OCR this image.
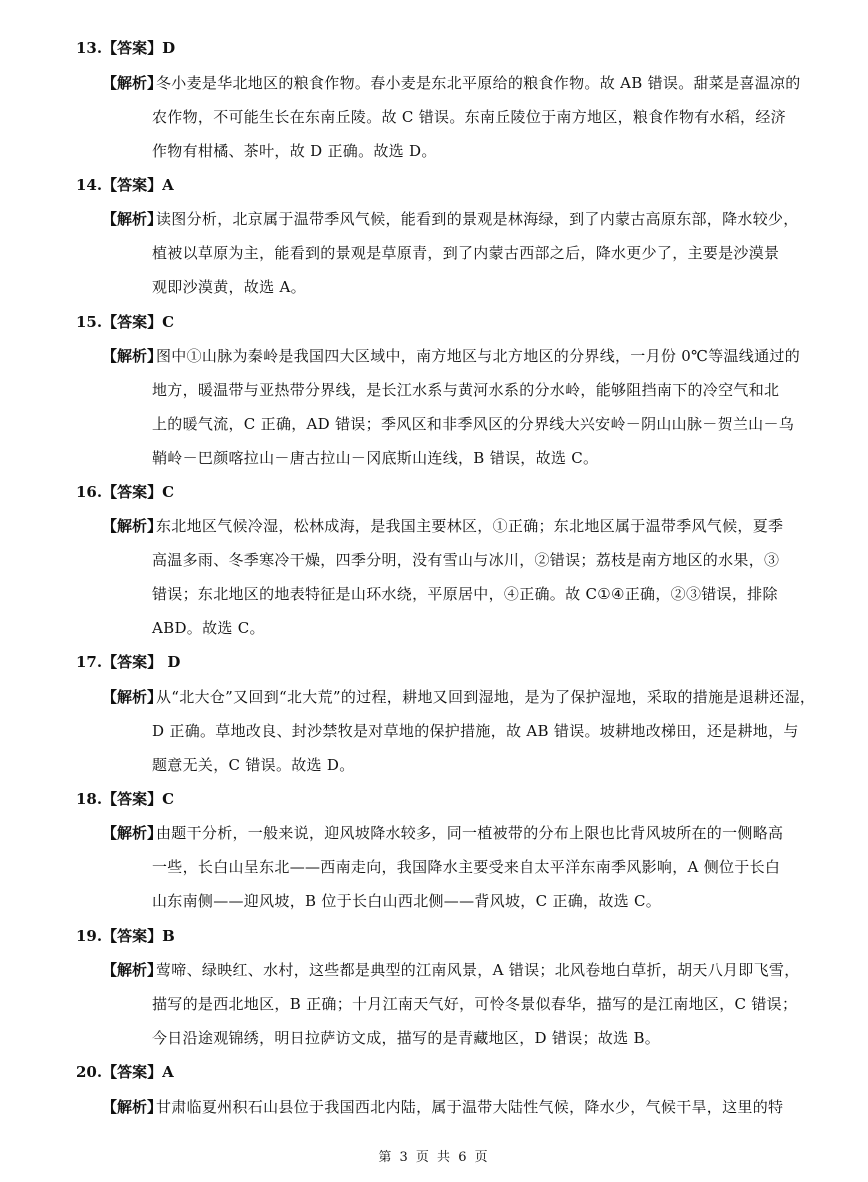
13.【答案】D
【解析】
冬小麦是华北地区的粮食作物。春小麦是东北平原给的粮食作物。故 AB 错误。甜菜是喜温凉的
农作物，不可能生长在东南丘陵。故 C 错误。东南丘陵位于南方地区，粮食作物有水稻，经济
作物有柑橘、茶叶，故 D 正确。故选 D。
14.【答案】A
【解析】
读图分析，北京属于温带季风气候，能看到的景观是林海绿，到了内蒙古高原东部，降水较少，
植被以草原为主，能看到的景观是草原青，到了内蒙古西部之后，降水更少了，主要是沙漠景
观即沙漠黄，故选 A。
15.【答案】C
【解析】
图中①山脉为秦岭是我国四大区域中，南方地区与北方地区的分界线，一月份 0℃等温线通过的
地方，暖温带与亚热带分界线，是长江水系与黄河水系的分水岭，能够阻挡南下的冷空气和北
上的暖气流，C 正确，AD 错误；季风区和非季风区的分界线大兴安岭－阴山山脉－贺兰山－乌
鞘岭－巴颜喀拉山－唐古拉山－冈底斯山连线，B 错误，故选 C。
16.【答案】C
【解析】
东北地区气候冷湿，松林成海，是我国主要林区，①正确；东北地区属于温带季风气候，夏季
高温多雨、冬季寒冷干燥，四季分明，没有雪山与冰川，②错误；荔枝是南方地区的水果，③
错误；东北地区的地表特征是山环水绕，平原居中，④正确。故 C①④正确，②③错误，排除
ABD。故选 C。
17.【答案】 D
【解析】
从“北大仓”又回到“北大荒”的过程，耕地又回到湿地，是为了保护湿地，采取的措施是退耕还湿，
D 正确。草地改良、封沙禁牧是对草地的保护措施，故 AB 错误。坡耕地改梯田，还是耕地，与
题意无关，C 错误。故选 D。
18.【答案】C
【解析】
由题干分析，一般来说，迎风坡降水较多，同一植被带的分布上限也比背风坡所在的一侧略高
一些，长白山呈东北——西南走向，我国降水主要受来自太平洋东南季风影响，A 侧位于长白
山东南侧——迎风坡，B 位于长白山西北侧——背风坡，C 正确，故选 C。
19.【答案】B
【解析】
莺啼、绿映红、水村，这些都是典型的江南风景，A 错误；北风卷地白草折，胡天八月即飞雪，
描写的是西北地区，B 正确；十月江南天气好，可怜冬景似春华，描写的是江南地区，C 错误；
今日沿途观锦绣，明日拉萨访文成，描写的是青藏地区，D 错误；故选 B。
20.【答案】A
【解析】
甘肃临夏州积石山县位于我国西北内陆，属于温带大陆性气候，降水少，气候干旱，这里的特
第 3 页 共 6 页
